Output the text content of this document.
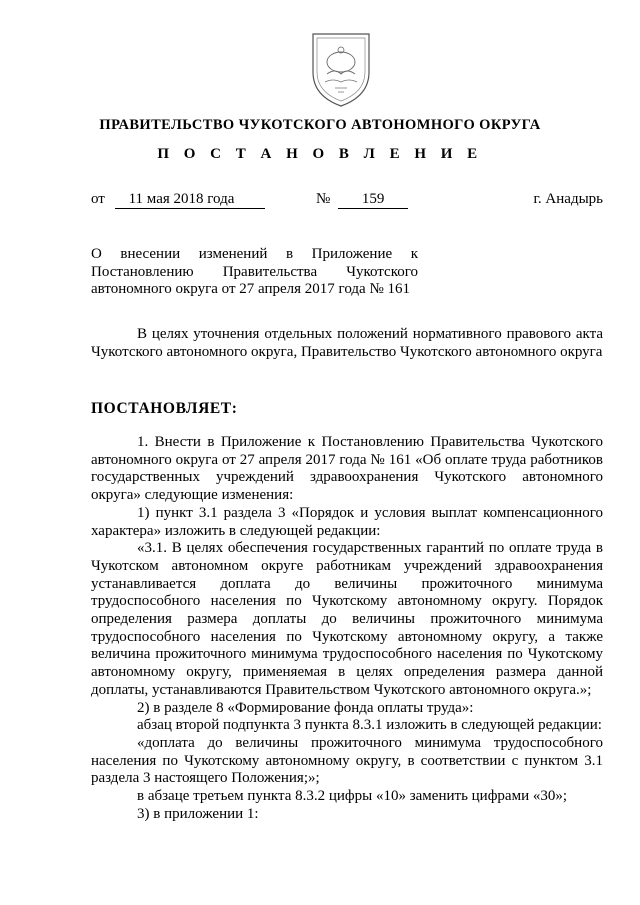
ПРАВИТЕЛЬСТВО ЧУКОТСКОГО АВТОНОМНОГО ОКРУГА
П О С Т А Н О В Л Е Н И Е
от 11 мая 2018 года	№ 159	г. Анадырь
О внесении изменений в Приложение к Постановлению Правительства Чукотского автономного округа от 27 апреля 2017 года № 161

В целях уточнения отдельных положений нормативного правового акта Чукотского автономного округа, Правительство Чукотского автономного округа

ПОСТАНОВЛЯЕТ:

1. Внести в Приложение к Постановлению Правительства Чукотского автономного округа от 27 апреля 2017 года № 161 «Об оплате труда работников государственных учреждений здравоохранения Чукотского автономного округа» следующие изменения:

1) пункт 3.1 раздела 3 «Порядок и условия выплат компенсационного характера» изложить в следующей редакции:

«3.1. В целях обеспечения государственных гарантий по оплате труда в Чукотском автономном округе работникам учреждений здравоохранения устанавливается доплата до величины прожиточного минимума трудоспособного населения по Чукотскому автономному округу. Порядок определения размера доплаты до величины прожиточного минимума трудоспособного населения по Чукотскому автономному округу, а также величина прожиточного минимума трудоспособного населения по Чукотскому автономному округу, применяемая в целях определения размера данной доплаты, устанавливаются Правительством Чукотского автономного округа.»;

2) в разделе 8 «Формирование фонда оплаты труда»:

абзац второй подпункта 3 пункта 8.3.1 изложить в следующей редакции:

«доплата до величины прожиточного минимума трудоспособного населения по Чукотскому автономному округу, в соответствии с пунктом 3.1 раздела 3 настоящего Положения;»;

в абзаце третьем пункта 8.3.2 цифры «10» заменить цифрами «30»;

3) в приложении 1:
